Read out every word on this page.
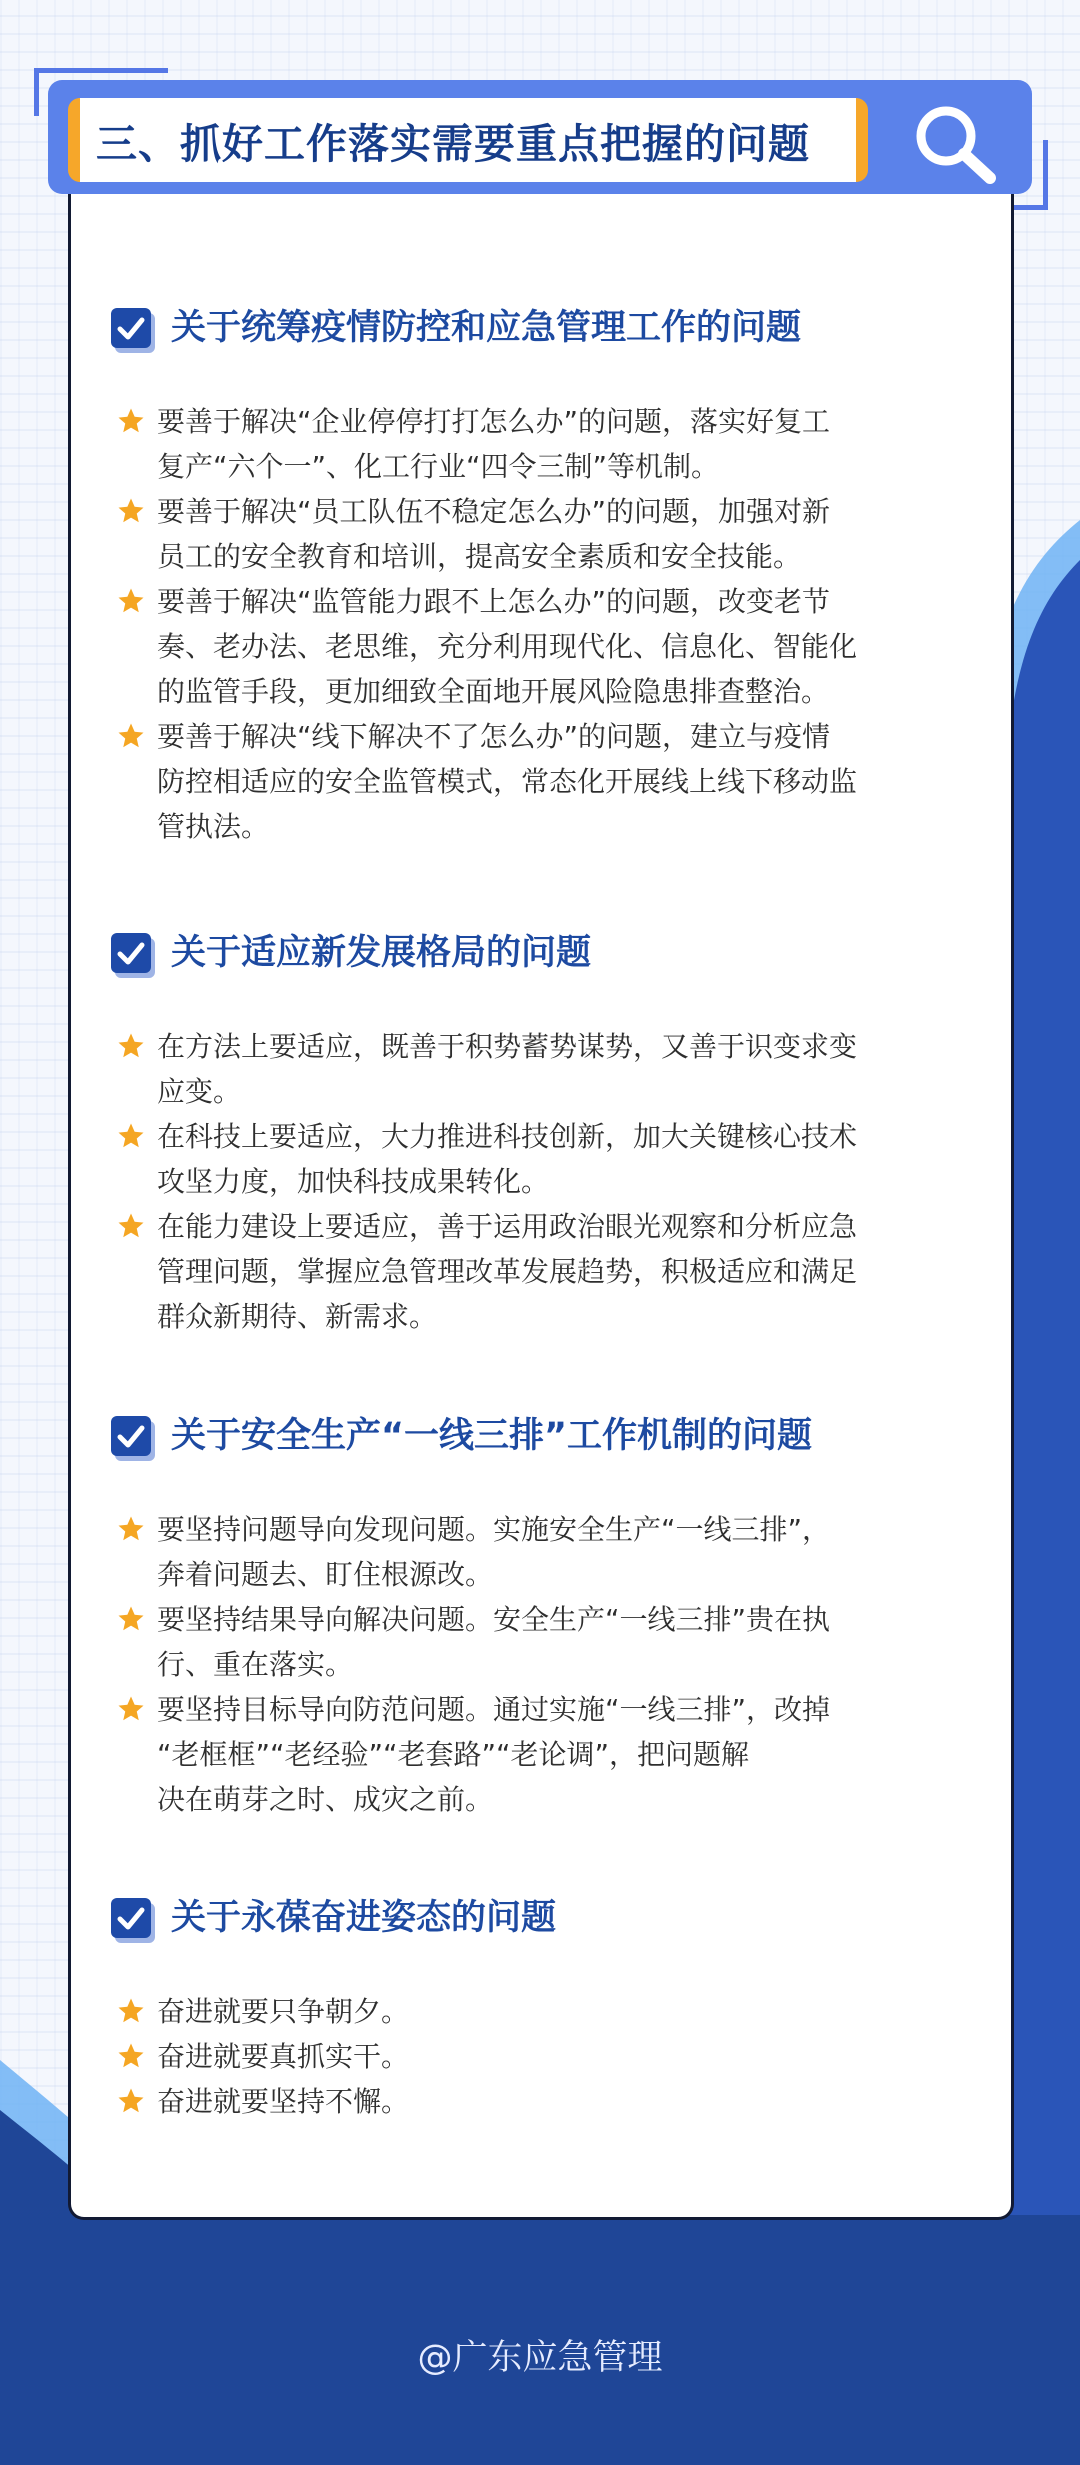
三、抓好工作落实需要重点把握的问题
关于统筹疫情防控和应急管理工作的问题
要善于解决“企业停停打打怎么办”的问题，落实好复工
复产“六个一”、化工行业“四令三制”等机制。
要善于解决“员工队伍不稳定怎么办”的问题，加强对新
员工的安全教育和培训，提高安全素质和安全技能。
要善于解决“监管能力跟不上怎么办”的问题，改变老节
奏、老办法、老思维，充分利用现代化、信息化、智能化
的监管手段，更加细致全面地开展风险隐患排查整治。
要善于解决“线下解决不了怎么办”的问题，建立与疫情
防控相适应的安全监管模式，常态化开展线上线下移动监
管执法。
关于适应新发展格局的问题
在方法上要适应，既善于积势蓄势谋势，又善于识变求变
应变。
在科技上要适应，大力推进科技创新，加大关键核心技术
攻坚力度，加快科技成果转化。
在能力建设上要适应，善于运用政治眼光观察和分析应急
管理问题，掌握应急管理改革发展趋势，积极适应和满足
群众新期待、新需求。
关于安全生产“一线三排”工作机制的问题
要坚持问题导向发现问题。实施安全生产“一线三排”，
奔着问题去、盯住根源改。
要坚持结果导向解决问题。安全生产“一线三排”贵在执
行、重在落实。
要坚持目标导向防范问题。通过实施“一线三排”，改掉
“老框框”“老经验”“老套路”“老论调”，把问题解
决在萌芽之时、成灾之前。
关于永葆奋进姿态的问题
奋进就要只争朝夕。
奋进就要真抓实干。
奋进就要坚持不懈。
@广东应急管理
